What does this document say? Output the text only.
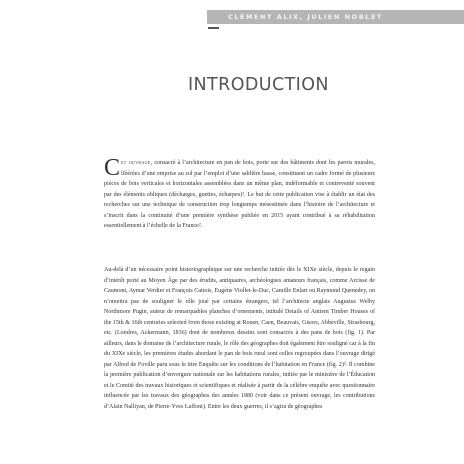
CLÉMENT ALIX, JULIEN NOBLET
INTRODUCTION

Cet ouvrage, consacré à l’architecture en pan de bois, porte sur des bâtiments dont les parois murales, libérées d’une emprise au sol par l’emploi d’une sablière basse, constituent un cadre formé de plusieurs pièces de bois verticales et horizontales assemblées dans un même plan, indéformable et contreventé souvent par des éléments obliques (décharges, guettes, écharpes)¹. Le but de cette publication vise à établir un état des recherches sur une technique de construction trop longtemps mésestimée dans l’histoire de l’architecture et s’inscrit dans la continuité d’une première synthèse publiée en 2015 ayant contribué à sa réhabilitation essentiellement à l’échelle de la France².

Au-delà d’un nécessaire point historiographique sur une recherche initiée dès le XIXe siècle, depuis le regain d’intérêt porté au Moyen Âge par des érudits, antiquaires, archéologues amateurs français, comme Arcisse de Caumont, Aymar Verdier et François Cattois, Eugène Viollet-le-Duc, Camille Enlart ou Raymond Quenedey, on n’omettra pas de souligner le rôle joué par certains étrangers, tel l’architecte anglais Augustus Welby Northmore Pugin, auteur de remarquables planches d’ornements, intitulé Details of Antient Timber Houses of the 15th & 16th centuries selected from those existing at Rouen, Caen, Beauvais, Gisors, Abbeville, Strasbourg, etc. (Londres, Ackermann, 1836) dont de nombreux dessins sont consacrés à des pans de bois (fig. 1). Par ailleurs, dans le domaine de l’architecture rurale, le rôle des géographes doit également être souligné car à la fin du XIXe siècle, les premières études abordant le pan de bois rural sont celles regroupées dans l’ouvrage dirigé par Alfred de Foville paru sous le titre Enquête sur les conditions de l’habitation en France (fig. 2)³. Il combine la première publication d’envergure nationale sur les habitations rurales, initiée par le ministère de l’Éducation et le Comité des travaux historiques et scientifiques et réalisée à partir de la célèbre enquête avec questionnaire influencée par les travaux des géographes des années 1880 (voir dans ce présent ouvrage, les contributions d’Alain Nalliyan, de Pierre-Yves Laffont). Entre les deux guerres, il s’agira de géographes
